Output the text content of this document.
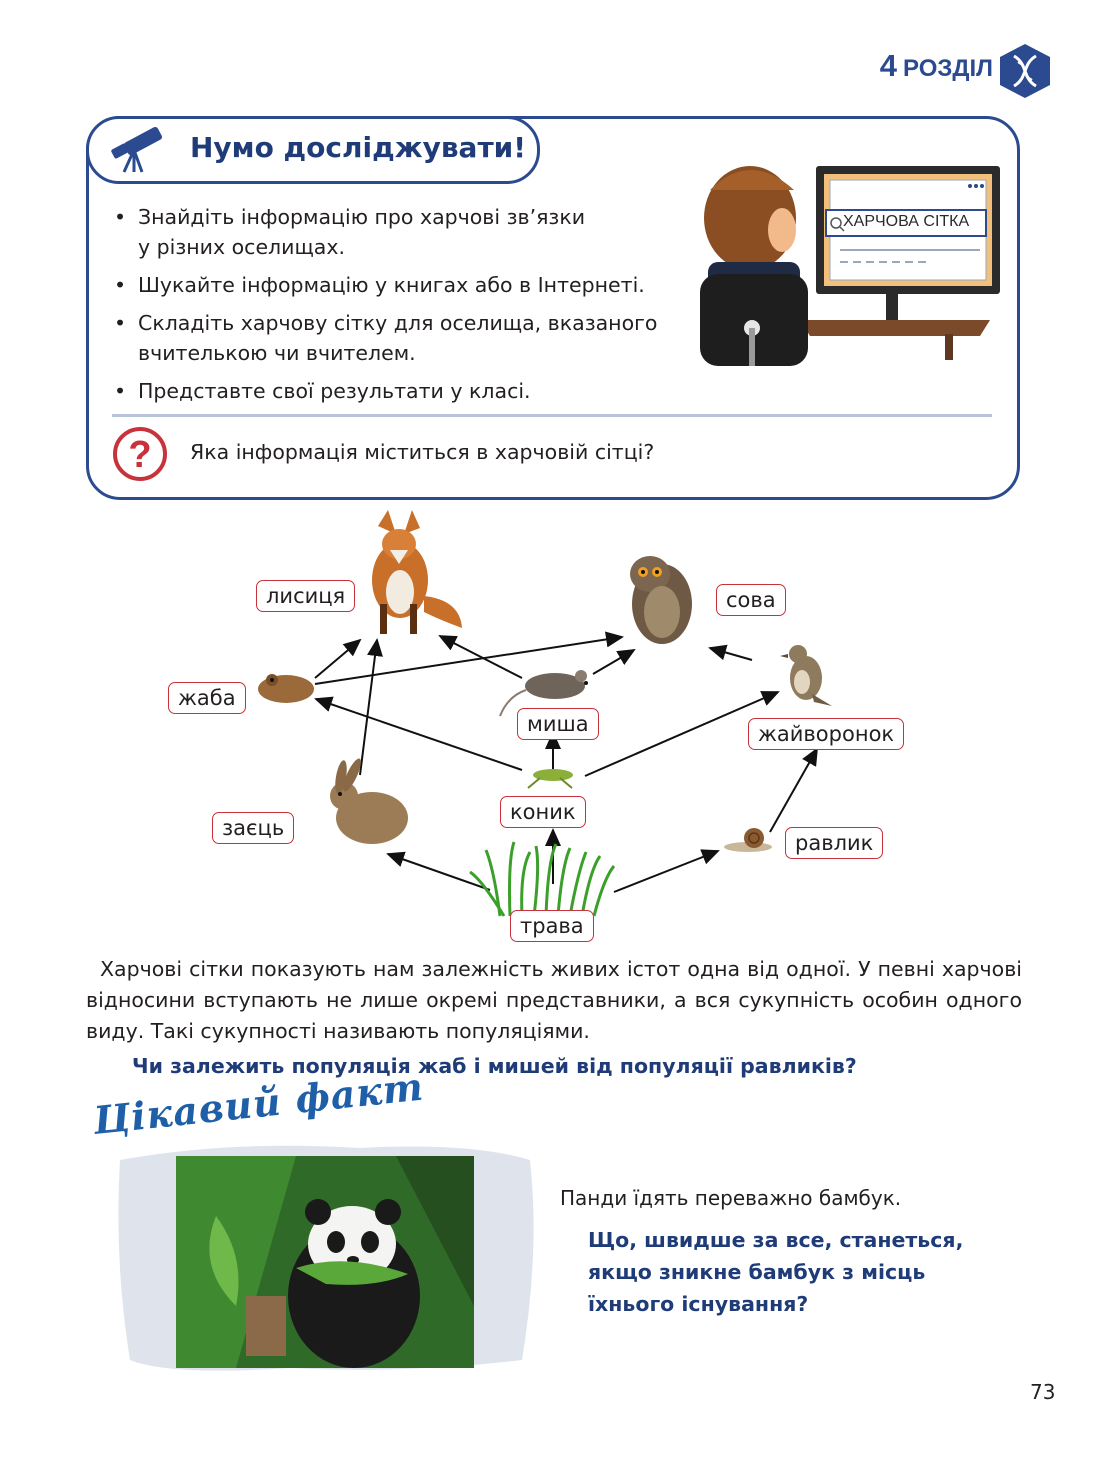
4 РОЗДІЛ
Нумо досліджувати!
• Знайдіть інформацію про харчові зв’язки
у різних оселищах.
• Шукайте інформацію у книгах або в Інтернеті.
• Складіть харчову сітку для оселища, вказаного
вчителькою чи вчителем.
• Представте свої результати у класі.
ХАРЧОВА СІТКА
? Яка інформація міститься в харчовій сітці?
лисиця	сова
жаба
миша	жайворонок
заєць
коник
равлик
трава

Харчові сітки показують нам залежність живих істот одна від одної. У певні харчові відносини вступають не лише окремі представники, а вся сукупність особин одного виду. Такі сукупності називають популяціями.

Чи залежить популяція жаб і мишей від популяції равликів?
Цікавий факт
Панди їдять переважно бамбук.
Що, швидше за все, станеться,
якщо зникне бамбук з місць
їхнього існування?
73
